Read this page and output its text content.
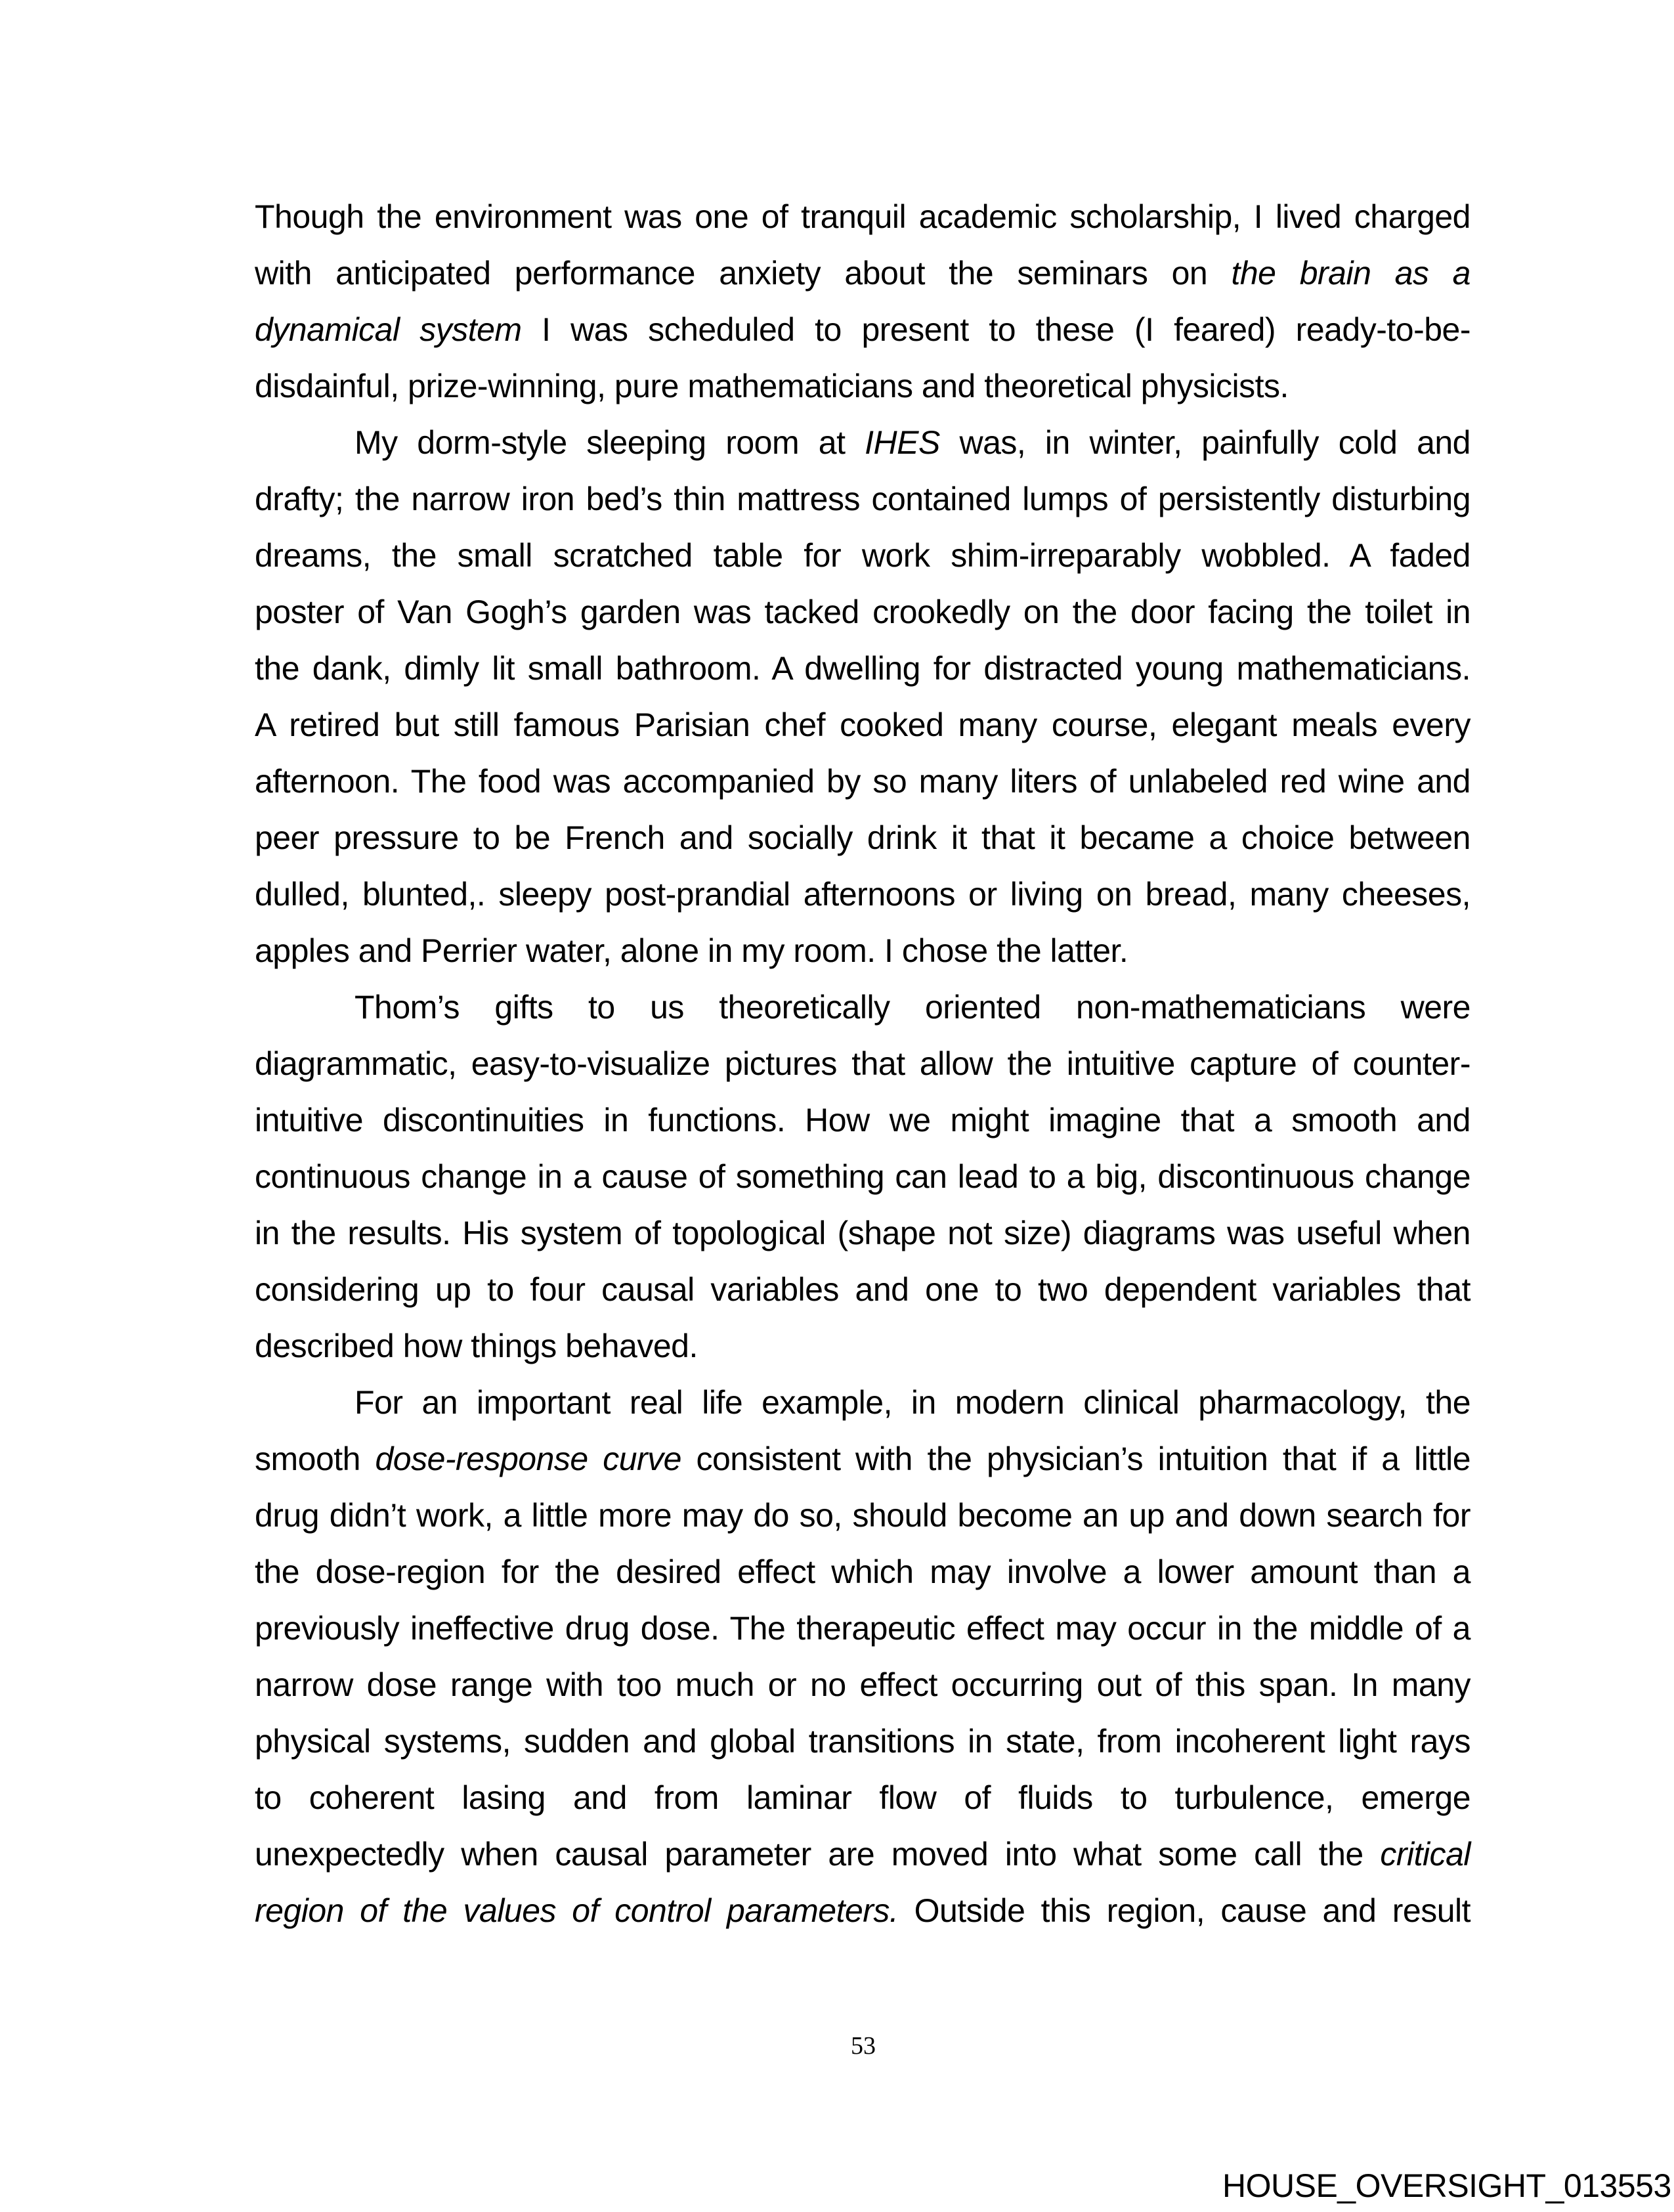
Though the environment was one of tranquil academic scholarship, I lived charged
with anticipated performance anxiety about the seminars on the brain as a
dynamical system I was scheduled to present to these (I feared) ready-to-be-
disdainful, prize-winning, pure mathematicians and theoretical physicists.
My dorm-style sleeping room at IHES was, in winter, painfully cold and
drafty; the narrow iron bed’s thin mattress contained lumps of persistently disturbing
dreams, the small scratched table for work shim-irreparably wobbled. A faded
poster of Van Gogh’s garden was tacked crookedly on the door facing the toilet in
the dank, dimly lit small bathroom. A dwelling for distracted young mathematicians.
A retired but still famous Parisian chef cooked many course, elegant meals every
afternoon. The food was accompanied by so many liters of unlabeled red wine and
peer pressure to be French and socially drink it that it became a choice between
dulled, blunted,. sleepy post-prandial afternoons or living on bread, many cheeses,
apples and Perrier water, alone in my room. I chose the latter.
Thom’s gifts to us theoretically oriented non-mathematicians were
diagrammatic, easy-to-visualize pictures that allow the intuitive capture of counter-
intuitive discontinuities in functions. How we might imagine that a smooth and
continuous change in a cause of something can lead to a big, discontinuous change
in the results. His system of topological (shape not size) diagrams was useful when
considering up to four causal variables and one to two dependent variables that
described how things behaved.
For an important real life example, in modern clinical pharmacology, the
smooth dose-response curve consistent with the physician’s intuition that if a little
drug didn’t work, a little more may do so, should become an up and down search for
the dose-region for the desired effect which may involve a lower amount than a
previously ineffective drug dose. The therapeutic effect may occur in the middle of a
narrow dose range with too much or no effect occurring out of this span. In many
physical systems, sudden and global transitions in state, from incoherent light rays
to coherent lasing and from laminar flow of fluids to turbulence, emerge
unexpectedly when causal parameter are moved into what some call the critical
region of the values of control parameters. Outside this region, cause and result
53
HOUSE_OVERSIGHT_013553
